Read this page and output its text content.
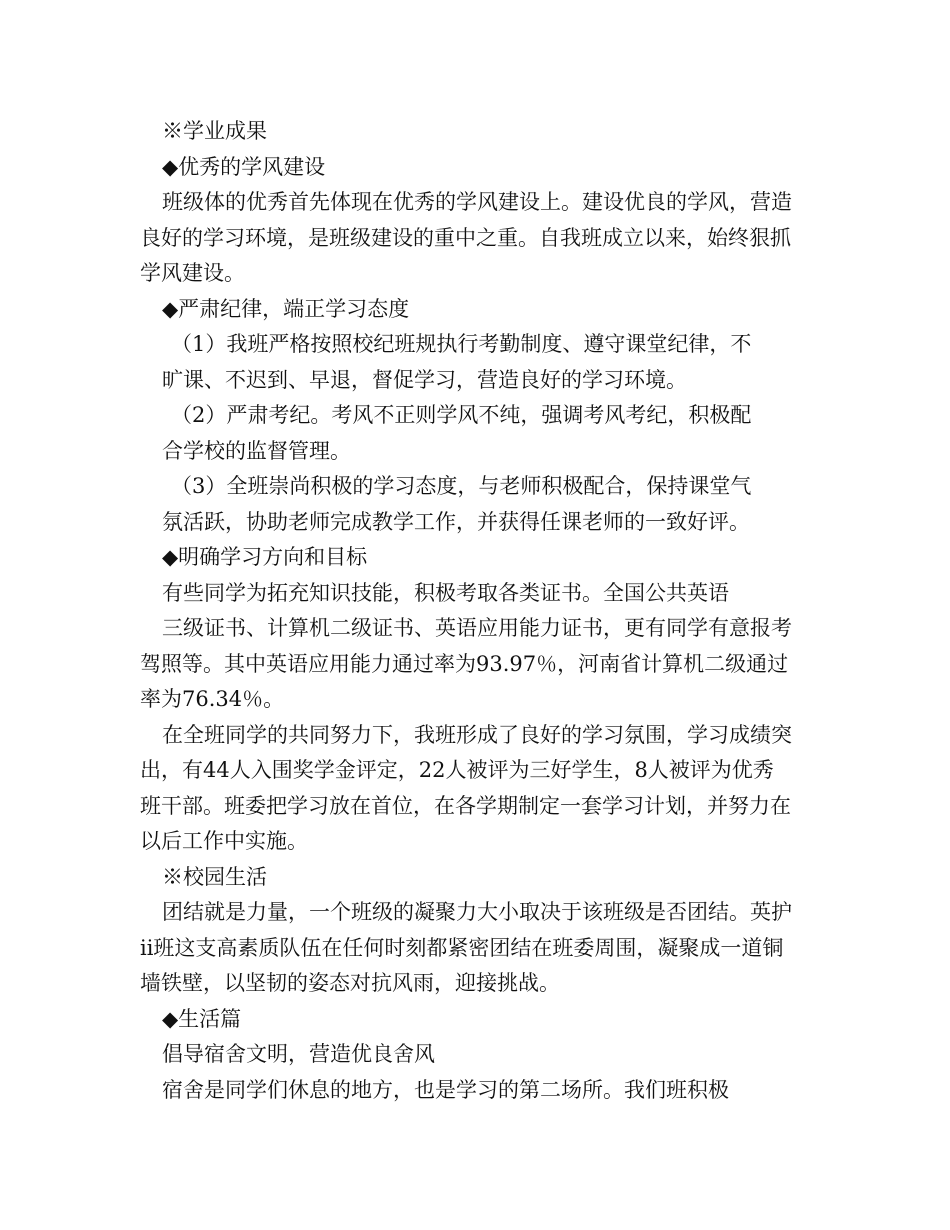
※学业成果
◆优秀的学风建设
班级体的优秀首先体现在优秀的学风建设上。建设优良的学风，营造
良好的学习环境，是班级建设的重中之重。自我班成立以来，始终狠抓
学风建设。
◆严肃纪律，端正学习态度
（1）我班严格按照校纪班规执行考勤制度、遵守课堂纪律，不
旷课、不迟到、早退，督促学习，营造良好的学习环境。
（2）严肃考纪。考风不正则学风不纯，强调考风考纪，积极配
合学校的监督管理。
（3）全班崇尚积极的学习态度，与老师积极配合，保持课堂气
氛活跃，协助老师完成教学工作，并获得任课老师的一致好评。
◆明确学习方向和目标
有些同学为拓充知识技能，积极考取各类证书。全国公共英语
三级证书、计算机二级证书、英语应用能力证书，更有同学有意报考
驾照等。其中英语应用能力通过率为93.97％，河南省计算机二级通过
率为76.34％。
在全班同学的共同努力下，我班形成了良好的学习氛围，学习成绩突
出，有44人入围奖学金评定，22人被评为三好学生，8人被评为优秀
班干部。班委把学习放在首位，在各学期制定一套学习计划，并努力在
以后工作中实施。
※校园生活
团结就是力量，一个班级的凝聚力大小取决于该班级是否团结。英护
ⅱ班这支高素质队伍在任何时刻都紧密团结在班委周围，凝聚成一道铜
墙铁壁，以坚韧的姿态对抗风雨，迎接挑战。
◆生活篇
倡导宿舍文明，营造优良舍风
宿舍是同学们休息的地方，也是学习的第二场所。我们班积极
